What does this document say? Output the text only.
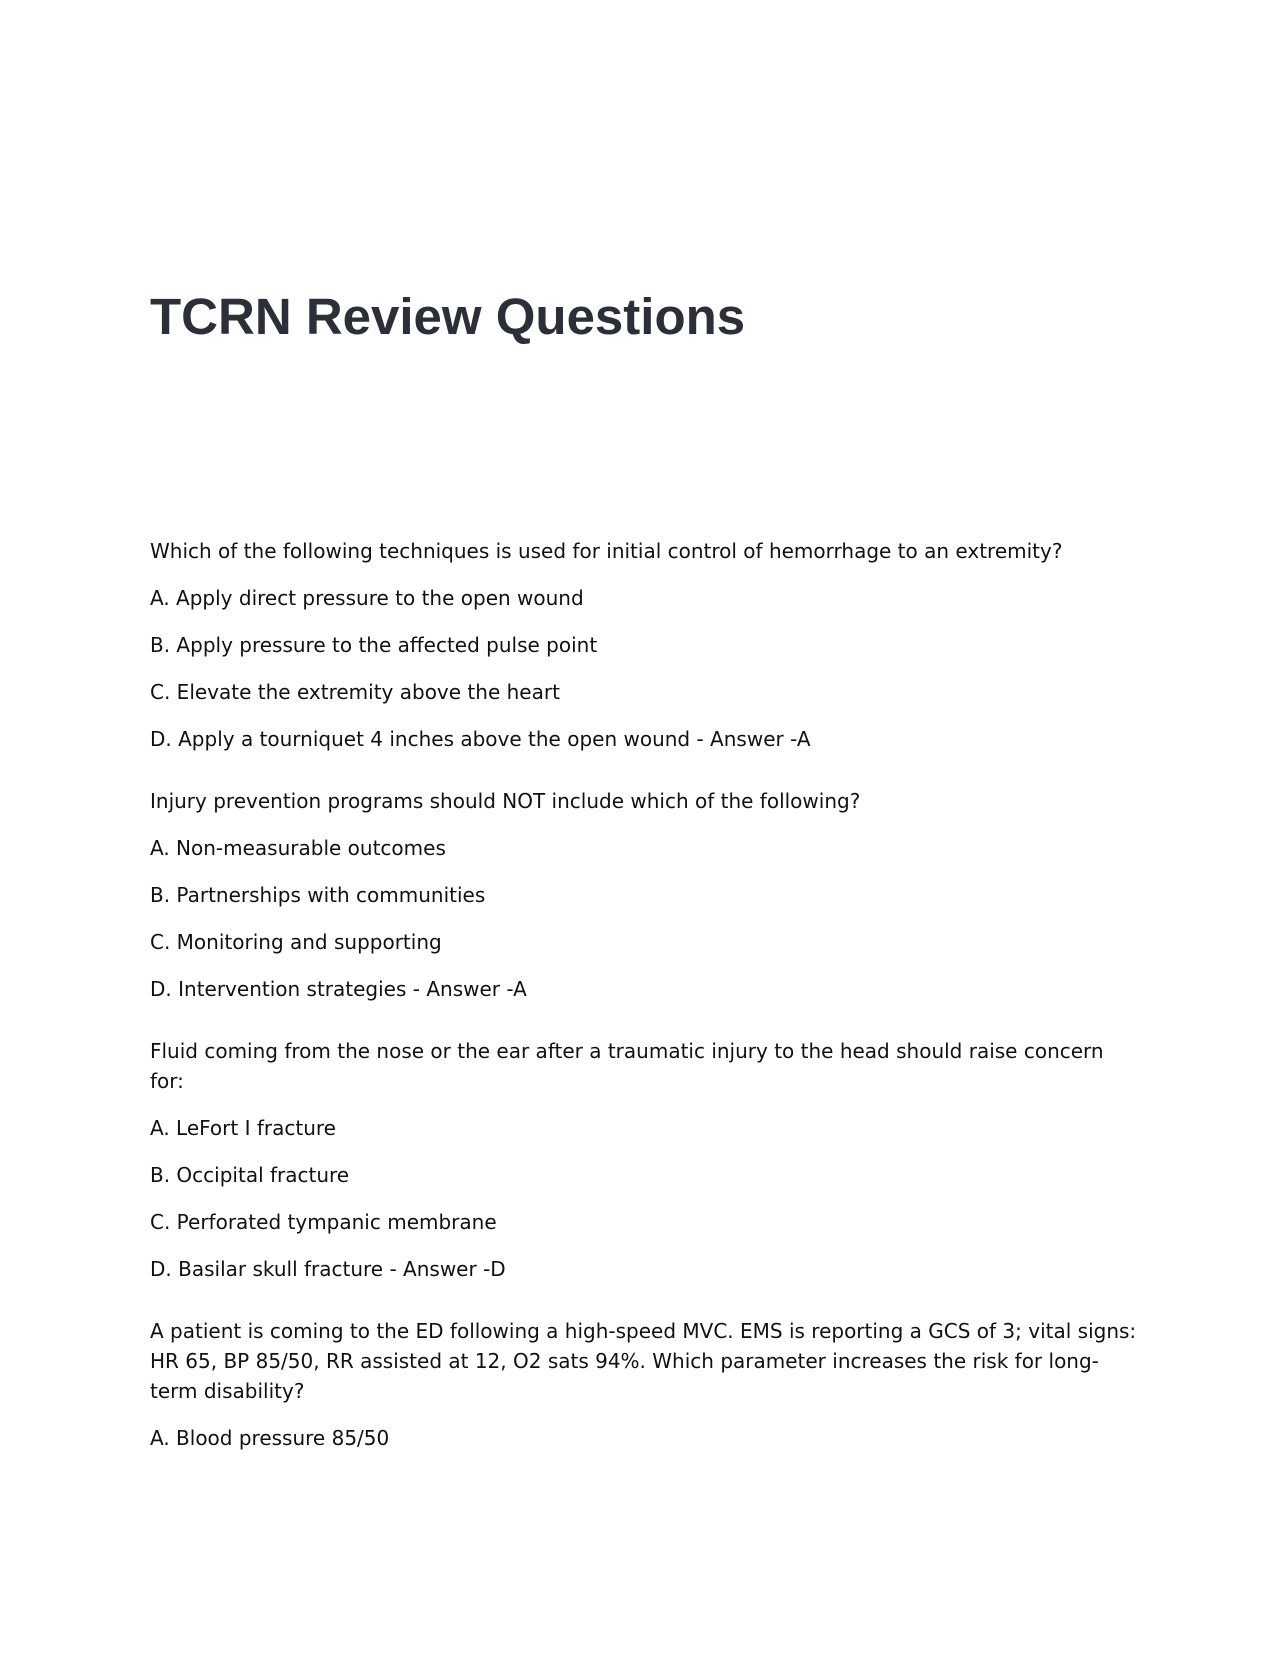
TCRN Review Questions

Which of the following techniques is used for initial control of hemorrhage to an extremity?

A. Apply direct pressure to the open wound

B. Apply pressure to the affected pulse point

C. Elevate the extremity above the heart

D. Apply a tourniquet 4 inches above the open wound - Answer -A

Injury prevention programs should NOT include which of the following?

A. Non-measurable outcomes

B. Partnerships with communities

C. Monitoring and supporting

D. Intervention strategies - Answer -A

Fluid coming from the nose or the ear after a traumatic injury to the head should raise concern for:

A. LeFort I fracture

B. Occipital fracture

C. Perforated tympanic membrane

D. Basilar skull fracture - Answer -D

A patient is coming to the ED following a high-speed MVC. EMS is reporting a GCS of 3; vital signs: HR 65, BP 85/50, RR assisted at 12, O2 sats 94%. Which parameter increases the risk for long-term disability?

A. Blood pressure 85/50
